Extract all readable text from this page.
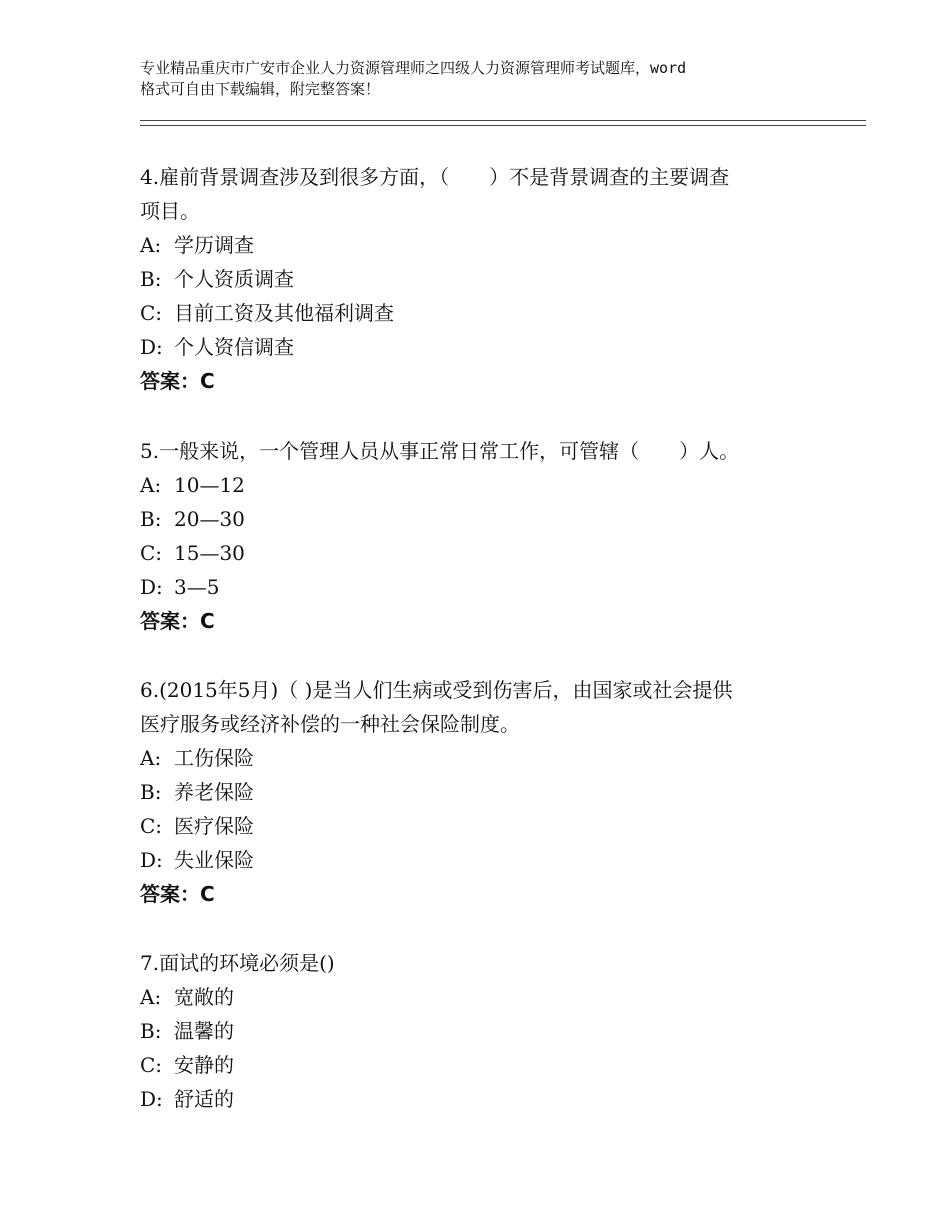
专业精品重庆市广安市企业人力资源管理师之四级人力资源管理师考试题库，word
格式可自由下载编辑，附完整答案！
4.雇前背景调查涉及到很多方面，（　　）不是背景调查的主要调查
项目。
A: 学历调查
B: 个人资质调查
C: 目前工资及其他福利调查
D: 个人资信调查
答案：C
5.一般来说，一个管理人员从事正常日常工作，可管辖（　　）人。
A: 10—12
B: 20—30
C: 15—30
D: 3—5
答案：C
6.(2015年5月)（ )是当人们生病或受到伤害后，由国家或社会提供
医疗服务或经济补偿的一种社会保险制度。
A: 工伤保险
B: 养老保险
C: 医疗保险
D: 失业保险
答案：C
7.面试的环境必须是()
A: 宽敞的
B: 温馨的
C: 安静的
D: 舒适的
